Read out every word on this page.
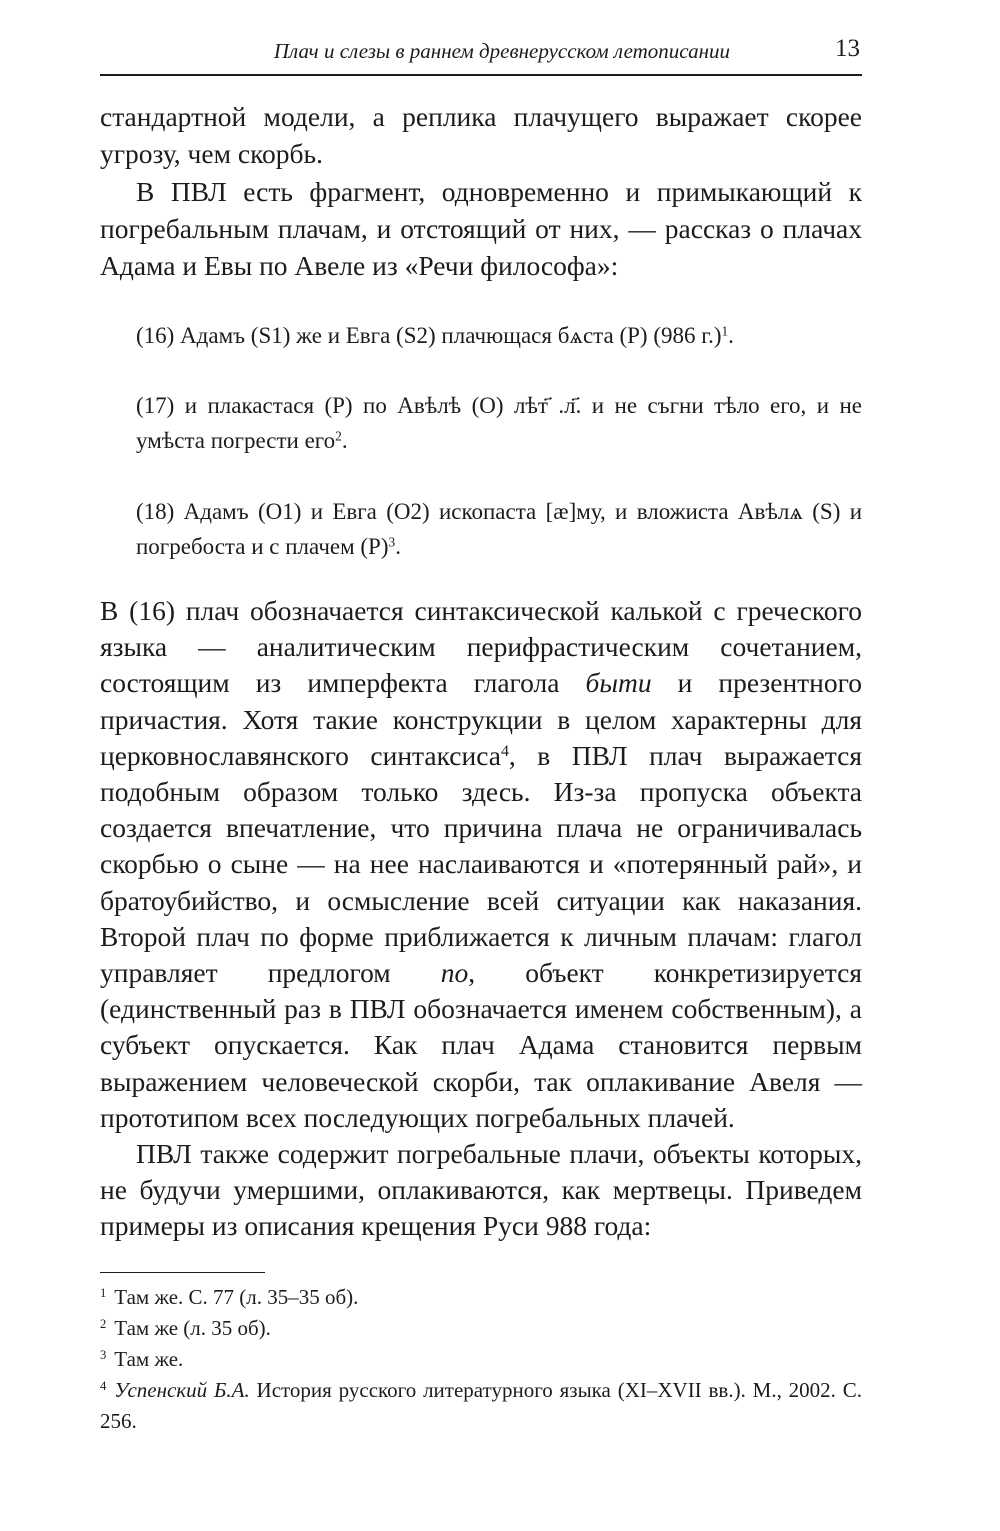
Плач и слезы в раннем древнерусском летописании	13

стандартной модели, а реплика плачущего выражает скорее угрозу, чем скорбь.

В ПВЛ есть фрагмент, одновременно и примыкающий к погребальным плачам, и отстоящий от них, — рассказ о плачах Адама и Евы по Авеле из «Речи философа»:

(16) Адамъ (S1) же и Евга (S2) плачющася бѧста (P) (986 г.)$^1$.
(17) и плакастася (P) по Авѣлѣ (O) лѣт҃ .л҃. и не съгни тѣло его, и не умѣста погрести его$^2$.
(18) Адамъ (O1) и Евга (O2) ископаста [æ]му, и вложиста Авѣлѧ (S) и погребоста и с плачем $(P)^3$.

В (16) плач обозначается синтаксической калькой с греческого языка — аналитическим перифрастическим сочетанием, состоящим из имперфекта глагола быти и презентного причастия. Хотя такие конструкции в целом характерны для церковнославянского синтаксиса$^4$, в ПВЛ плач выражается подобным образом только здесь. Из-за пропуска объекта создается впечатление, что причина плача не ограничивалась скорбью о сыне — на нее наслаиваются и «потерянный рай», и братоубийство, и осмысление всей ситуации как наказания. Второй плач по форме приближается к личным плачам: глагол управляет предлогом по, объект конкретизируется (единственный раз в ПВЛ обозначается именем собственным), а субъект опускается. Как плач Адама становится первым выражением человеческой скорби, так оплакивание Авеля — прототипом всех последующих погребальных плачей.

ПВЛ также содержит погребальные плачи, объекты которых, не будучи умершими, оплакиваются, как мертвецы. Приведем примеры из описания крещения Руси 988 года:

$^1$ Там же. С. 77 (л. 35–35 об).

$^2$ Там же (л. 35 об).

$^3$ Там же.

$^4$ Успенский Б.А. История русского литературного языка (XI–XVII вв.). М., 2002. С. 256.
